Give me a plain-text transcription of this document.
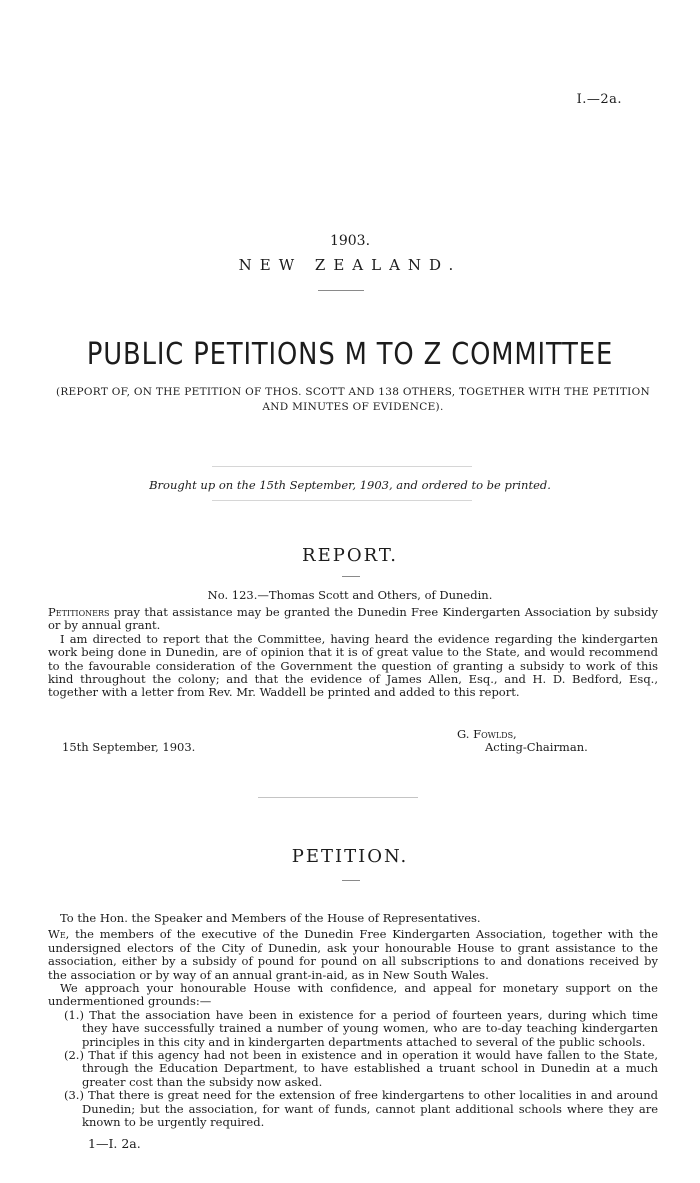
I.—2a.
1903.
NEW ZEALAND.
PUBLIC PETITIONS M TO Z COMMITTEE
(REPORT OF, ON THE PETITION OF THOS. SCOTT AND 138 OTHERS, TOGETHER WITH THE PETITION AND MINUTES OF EVIDENCE).
Brought up on the 15th September, 1903, and ordered to be printed.
REPORT.
No. 123.—Thomas Scott and Others, of Dunedin.

Petitioners pray that assistance may be granted the Dunedin Free Kindergarten Association by subsidy or by annual grant.

I am directed to report that the Committee, having heard the evidence regarding the kindergarten work being done in Dunedin, are of opinion that it is of great value to the State, and would recommend to the favourable consideration of the Government the question of granting a subsidy to work of this kind throughout the colony; and that the evidence of James Allen, Esq., and H. D. Bedford, Esq., together with a letter from Rev. Mr. Waddell be printed and added to this report.

G. Fowlds,
Acting-Chairman.
15th September, 1903.
PETITION.

To the Hon. the Speaker and Members of the House of Representatives.

We, the members of the executive of the Dunedin Free Kindergarten Association, together with the undersigned electors of the City of Dunedin, ask your honourable House to grant assistance to the association, either by a subsidy of pound for pound on all subscriptions to and donations received by the association or by way of an annual grant-in-aid, as in New South Wales.

We approach your honourable House with confidence, and appeal for monetary support on the undermentioned grounds:—

(1.) That the association have been in existence for a period of fourteen years, during which time they have successfully trained a number of young women, who are to-day teaching kindergarten principles in this city and in kindergarten departments attached to several of the public schools.

(2.) That if this agency had not been in existence and in operation it would have fallen to the State, through the Education Department, to have established a truant school in Dunedin at a much greater cost than the subsidy now asked.

(3.) That there is great need for the extension of free kindergartens to other localities in and around Dunedin; but the association, for want of funds, cannot plant additional schools where they are known to be urgently required.

1—I. 2a.
